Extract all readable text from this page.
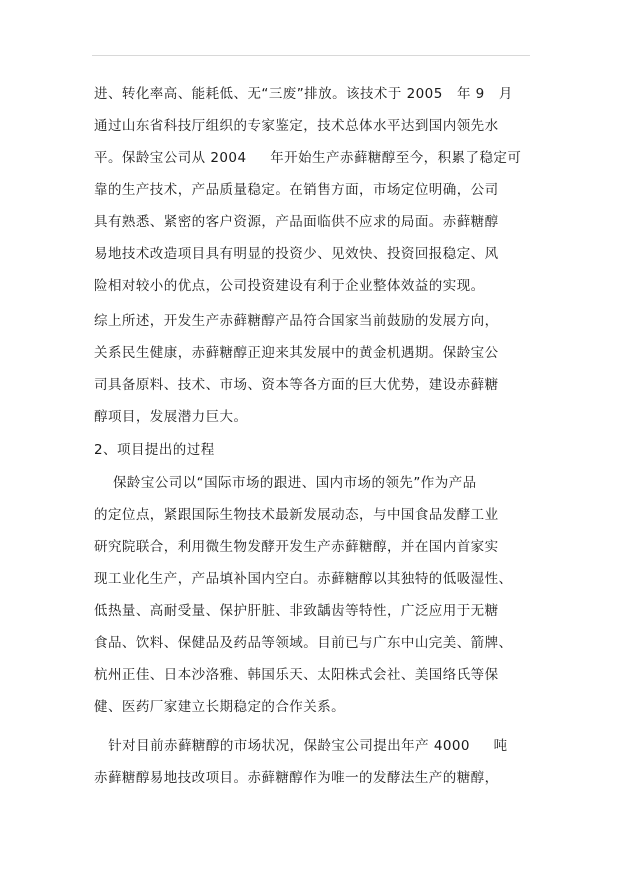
进、转化率高、能耗低、无“三废”排放。该技术于 2005   年 9   月
通过山东省科技厅组织的专家鉴定，技术总体水平达到国内领先水
平。保龄宝公司从 2004     年开始生产赤藓糖醇至今，积累了稳定可
靠的生产技术，产品质量稳定。在销售方面，市场定位明确，公司
具有熟悉、紧密的客户资源，产品面临供不应求的局面。赤藓糖醇
易地技术改造项目具有明显的投资少、见效快、投资回报稳定、风
险相对较小的优点，公司投资建设有利于企业整体效益的实现。
综上所述，开发生产赤藓糖醇产品符合国家当前鼓励的发展方向，
关系民生健康，赤藓糖醇正迎来其发展中的黄金机遇期。保龄宝公
司具备原料、技术、市场、资本等各方面的巨大优势，建设赤藓糖
醇项目，发展潜力巨大。
2、项目提出的过程
保龄宝公司以“国际市场的跟进、国内市场的领先”作为产品
的定位点，紧跟国际生物技术最新发展动态，与中国食品发酵工业
研究院联合，利用微生物发酵开发生产赤藓糖醇，并在国内首家实
现工业化生产，产品填补国内空白。赤藓糖醇以其独特的低吸湿性、
低热量、高耐受量、保护肝脏、非致龋齿等特性，广泛应用于无糖
食品、饮料、保健品及药品等领域。目前已与广东中山完美、箭牌、
杭州正佳、日本沙洛雅、韩国乐天、太阳株式会社、美国络氏等保
健、医药厂家建立长期稳定的合作关系。
针对目前赤藓糖醇的市场状况，保龄宝公司提出年产 4000     吨
赤藓糖醇易地技改项目。赤藓糖醇作为唯一的发酵法生产的糖醇，
